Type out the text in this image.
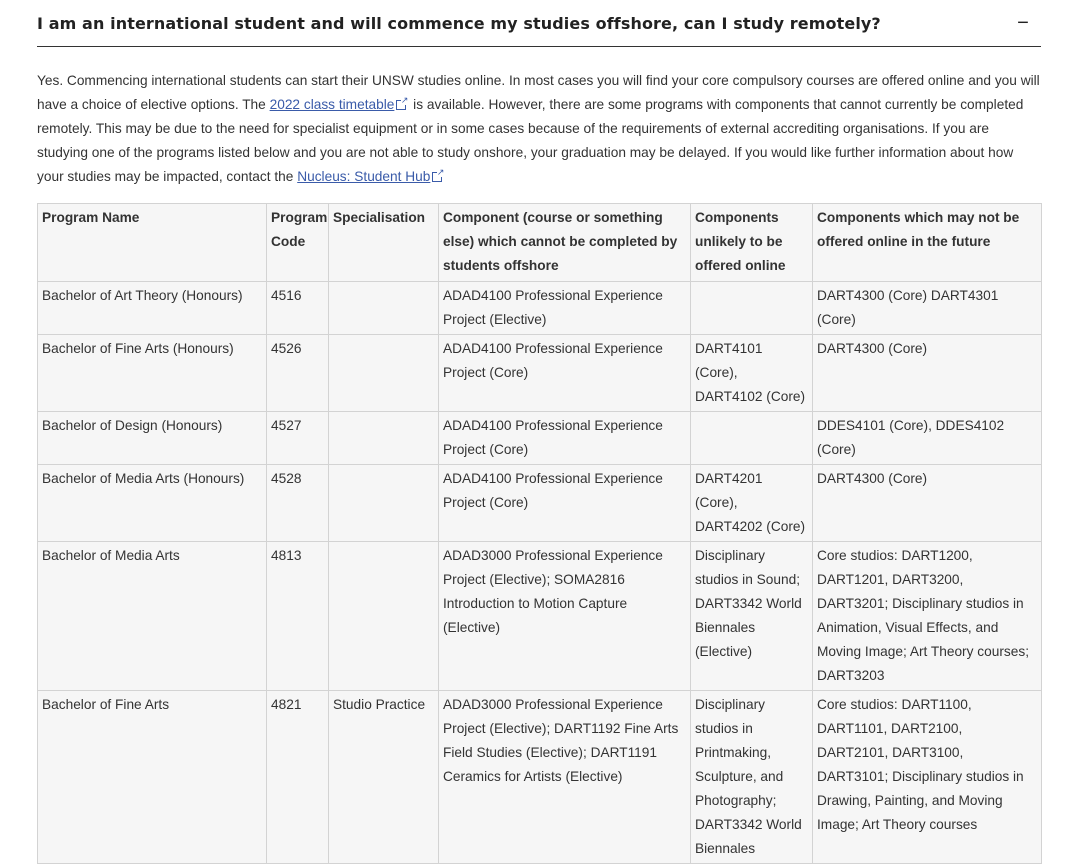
I am an international student and will commence my studies offshore, can I study remotely?	−
Yes. Commencing international students can start their UNSW studies online. In most cases you will find your core compulsory courses are offered online and you will have a choice of elective options. The 2022 class timetable↗ is available. However, there are some programs with components that cannot currently be completed remotely. This may be due to the need for specialist equipment or in some cases because of the requirements of external accrediting organisations. If you are studying one of the programs listed below and you are not able to study onshore, your graduation may be delayed. If you would like further information about how your studies may be impacted, contact the Nucleus: Student Hub↗
Program Name	Program Code	Specialisation	Component (course or something else) which cannot be completed by students offshore	Components unlikely to be offered online	Components which may not be offered online in the future
Bachelor of Art Theory (Honours)	4516		ADAD4100 Professional Experience Project (Elective)		DART4300 (Core) DART4301 (Core)
Bachelor of Fine Arts (Honours)	4526		ADAD4100 Professional Experience Project (Core)	DART4101 (Core), DART4102 (Core)	DART4300 (Core)
Bachelor of Design (Honours)	4527		ADAD4100 Professional Experience Project (Core)		DDES4101 (Core), DDES4102 (Core)
Bachelor of Media Arts (Honours)	4528		ADAD4100 Professional Experience Project (Core)	DART4201 (Core), DART4202 (Core)	DART4300 (Core)
Bachelor of Media Arts	4813		ADAD3000 Professional Experience Project (Elective); SOMA2816 Introduction to Motion Capture (Elective)	Disciplinary studios in Sound; DART3342 World Biennales (Elective)	Core studios: DART1200, DART1201, DART3200, DART3201; Disciplinary studios in Animation, Visual Effects, and Moving Image; Art Theory courses; DART3203
Bachelor of Fine Arts	4821	Studio Practice	ADAD3000 Professional Experience Project (Elective); DART1192 Fine Arts Field Studies (Elective); DART1191 Ceramics for Artists (Elective)	Disciplinary studios in Printmaking, Sculpture, and Photography; DART3342 World Biennales	Core studios: DART1100, DART1101, DART2100, DART2101, DART3100, DART3101; Disciplinary studios in Drawing, Painting, and Moving Image; Art Theory courses
